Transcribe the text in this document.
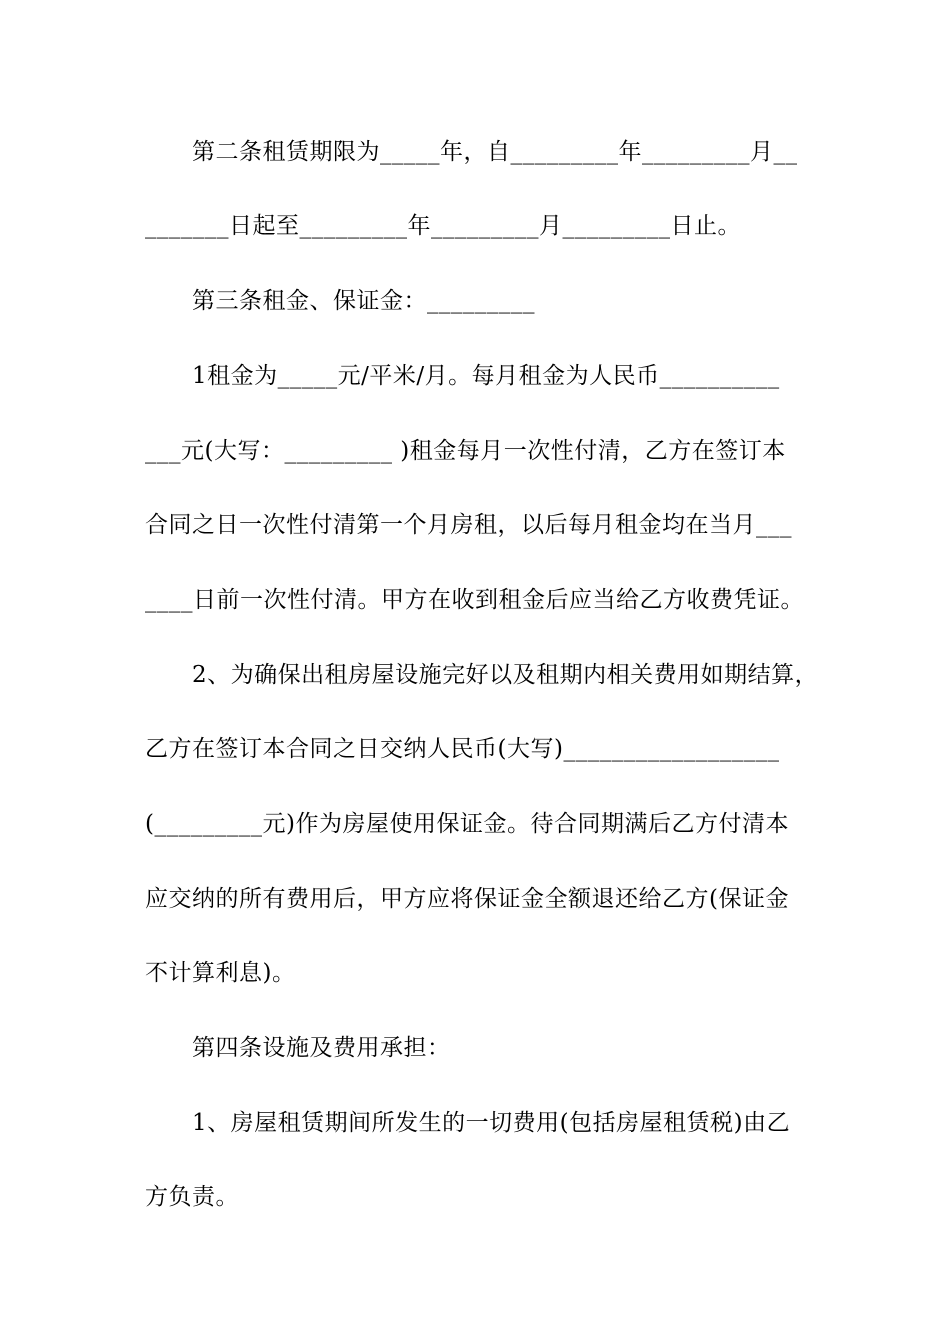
第二条租赁期限为_____年，自_________年_________月__
_______日起至_________年_________月_________日止。
第三条租金、保证金：_________
1租金为_____元/平米/月。每月租金为人民币__________
___元(大写：_________ )租金每月一次性付清，乙方在签订本
合同之日一次性付清第一个月房租，以后每月租金均在当月___
____日前一次性付清。甲方在收到租金后应当给乙方收费凭证。
2、为确保出租房屋设施完好以及租期内相关费用如期结算，
乙方在签订本合同之日交纳人民币(大写)__________________
(_________元)作为房屋使用保证金。待合同期满后乙方付清本
应交纳的所有费用后，甲方应将保证金全额退还给乙方(保证金
不计算利息)。
第四条设施及费用承担：
1、房屋租赁期间所发生的一切费用(包括房屋租赁税)由乙
方负责。
